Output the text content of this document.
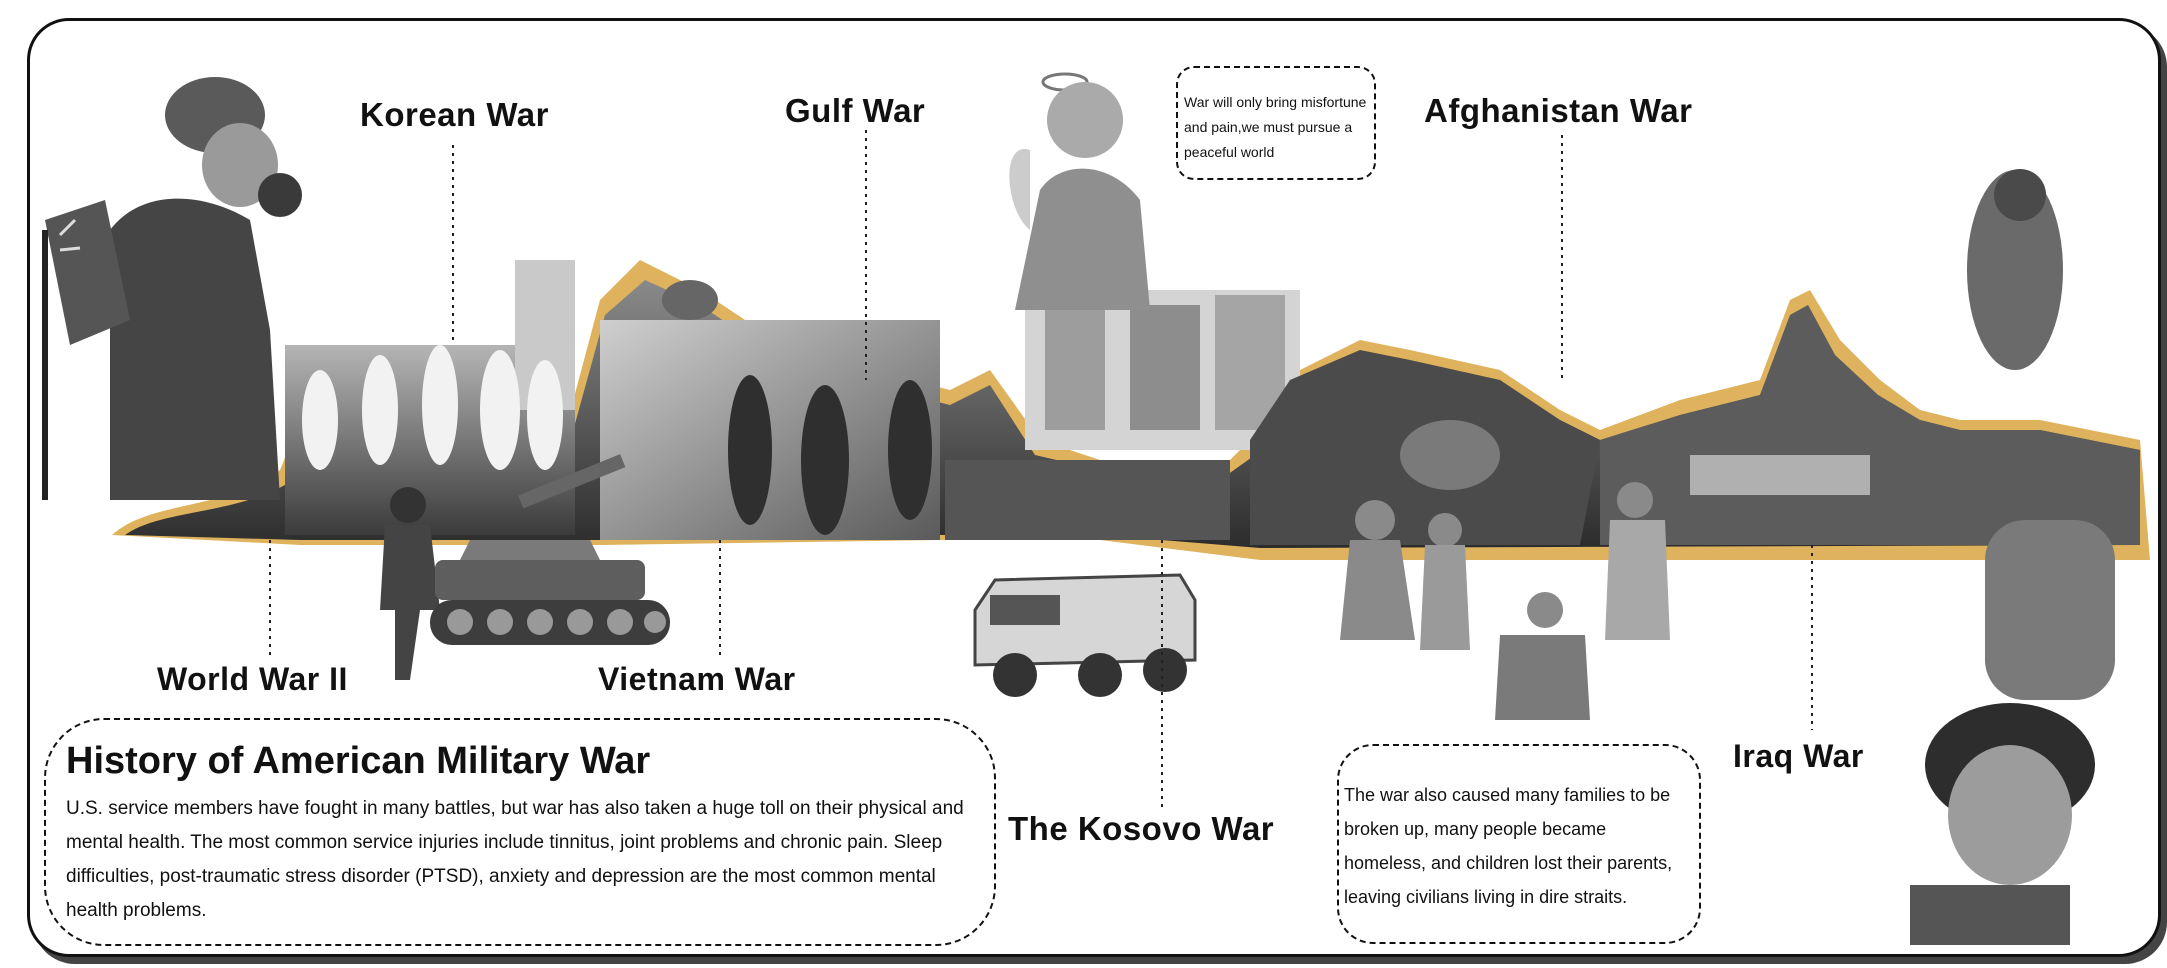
Korean War	Gulf War	Afghanistan War
World War II	Vietnam War
The Kosovo War
Iraq War
War will only bring misfortune and pain,we must pursue a peaceful world
History of American Military War

U.S. service members have fought in many battles, but war has also taken a huge toll on their physical and mental health. The most common service injuries include tinnitus, joint problems and chronic pain. Sleep difficulties, post-traumatic stress disorder (PTSD), anxiety and depression are the most common mental health problems.

The war also caused many families to be broken up, many people became homeless, and children lost their parents, leaving civilians living in dire straits.
